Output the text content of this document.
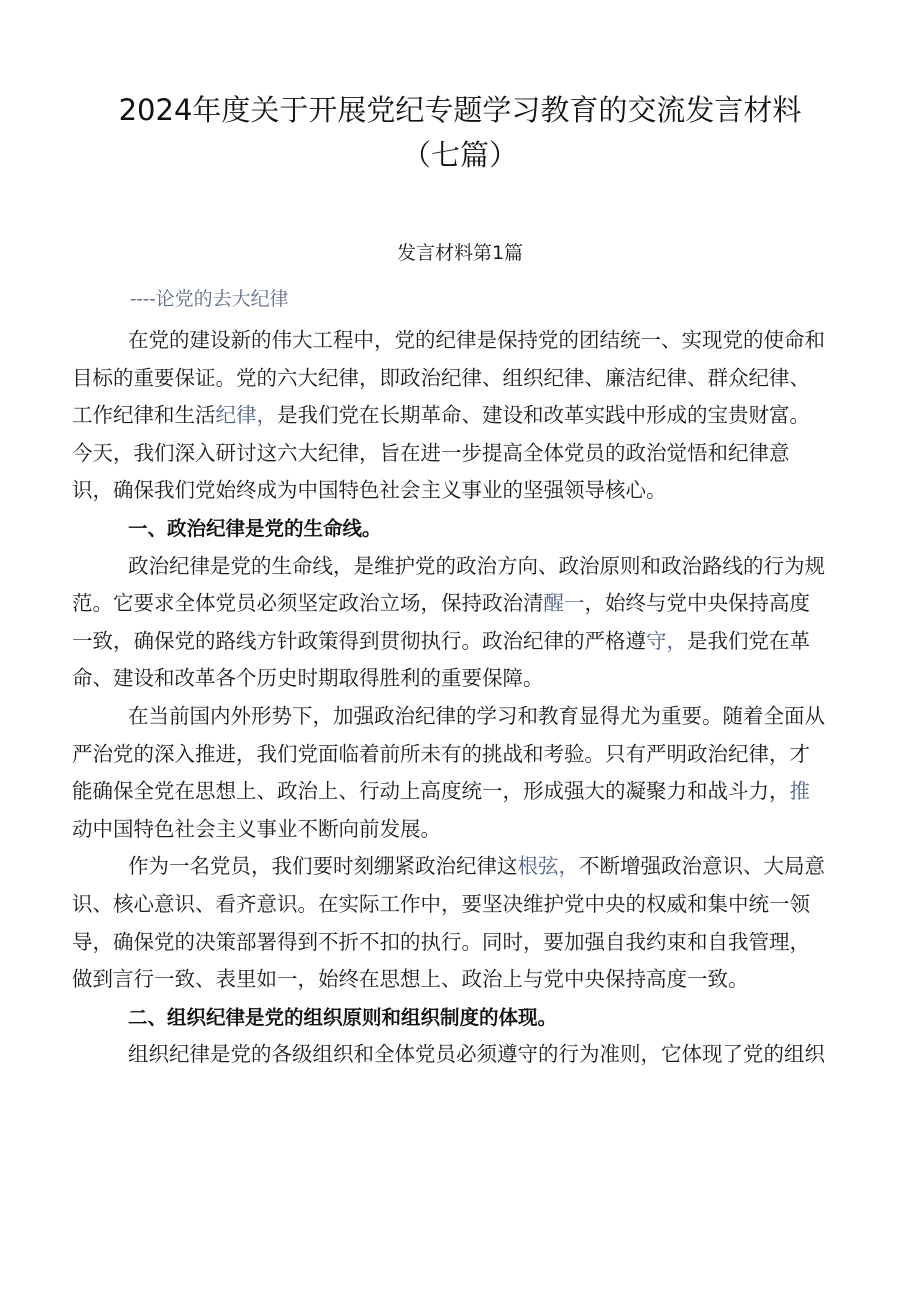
2024年度关于开展党纪专题学习教育的交流发言材料
（七篇）
发言材料第1篇
----论党的去大纪律
在党的建设新的伟大工程中，党的纪律是保持党的团结统一、实现党的使命和
目标的重要保证。党的六大纪律，即政治纪律、组织纪律、廉洁纪律、群众纪律、
工作纪律和生活纪律，是我们党在长期革命、建设和改革实践中形成的宝贵财富。
今天，我们深入研讨这六大纪律，旨在进一步提高全体党员的政治觉悟和纪律意
识，确保我们党始终成为中国特色社会主义事业的坚强领导核心。
一、政治纪律是党的生命线。
政治纪律是党的生命线，是维护党的政治方向、政治原则和政治路线的行为规
范。它要求全体党员必须坚定政治立场，保持政治清醒一，始终与党中央保持高度
一致，确保党的路线方针政策得到贯彻执行。政治纪律的严格遵守，是我们党在革
命、建设和改革各个历史时期取得胜利的重要保障。
在当前国内外形势下，加强政治纪律的学习和教育显得尤为重要。随着全面从
严治党的深入推进，我们党面临着前所未有的挑战和考验。只有严明政治纪律，才
能确保全党在思想上、政治上、行动上高度统一，形成强大的凝聚力和战斗力，推
动中国特色社会主义事业不断向前发展。
作为一名党员，我们要时刻绷紧政治纪律这根弦，不断增强政治意识、大局意
识、核心意识、看齐意识。在实际工作中，要坚决维护党中央的权威和集中统一领
导，确保党的决策部署得到不折不扣的执行。同时，要加强自我约束和自我管理，
做到言行一致、表里如一，始终在思想上、政治上与党中央保持高度一致。
二、组织纪律是党的组织原则和组织制度的体现。
组织纪律是党的各级组织和全体党员必须遵守的行为准则，它体现了党的组织
